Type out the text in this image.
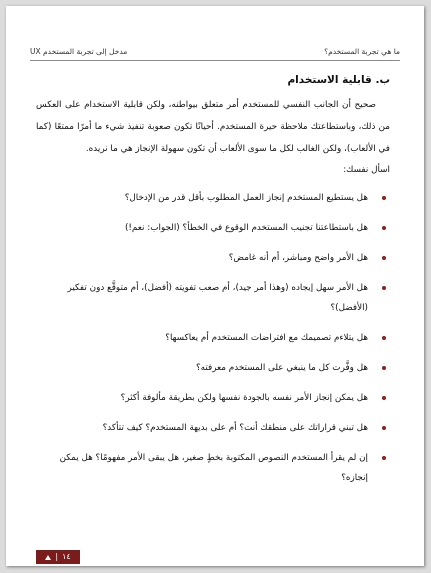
ما هي تجربة المستخدم؟
مدخل إلى تجربة المستخدم UX
ب. قابلية الاستخدام

صحيح أن الجانب النفسي للمستخدم أمر متعلق بيواطنه، ولكن قابلية الاستخدام على العكس من ذلك، وباستطاعتك ملاحظة حيرة المستخدم. أحيانًا تكون صعوبة تنفيذ شيء ما أمرًا ممتعًا (كما في الألعاب)، ولكن الغالب لكل ما سوى الألعاب أن تكون سهولة الإنجاز هي ما نريده.

اسأل نفسك:

هل يستطيع المستخدم إنجاز العمل المطلوب بأقل قدر من الإدخال؟
هل باستطاعتنا تجنيب المستخدم الوقوع في الخطأ؟ (الجواب: نعم!)
هل الأمر واضح ومباشر، أم أنه غامض؟
هل الأمر سهل إيجاده (وهذا أمر جيد)، أم صعب تفويته (أفضل)، أم متوقَّع دون تفكير (الأفضل)؟
هل يتلاءم تصميمك مع افتراضات المستخدم أم يعاكسها؟
هل وفَّرت كل ما ينبغي على المستخدم معرفته؟
هل يمكن إنجاز الأمر نفسه بالجودة نفسها ولكن بطريقة مألوفة أكثر؟
هل تبني قراراتك على منطقك أنت؟ أم على بديهة المستخدم؟ كيف تتأكد؟
إن لم يقرأ المستخدم النصوص المكتوبة بخطٍ صغير، هل يبقى الأمر مفهومًا؟ هل يمكن إنجازه؟
١٤
|
